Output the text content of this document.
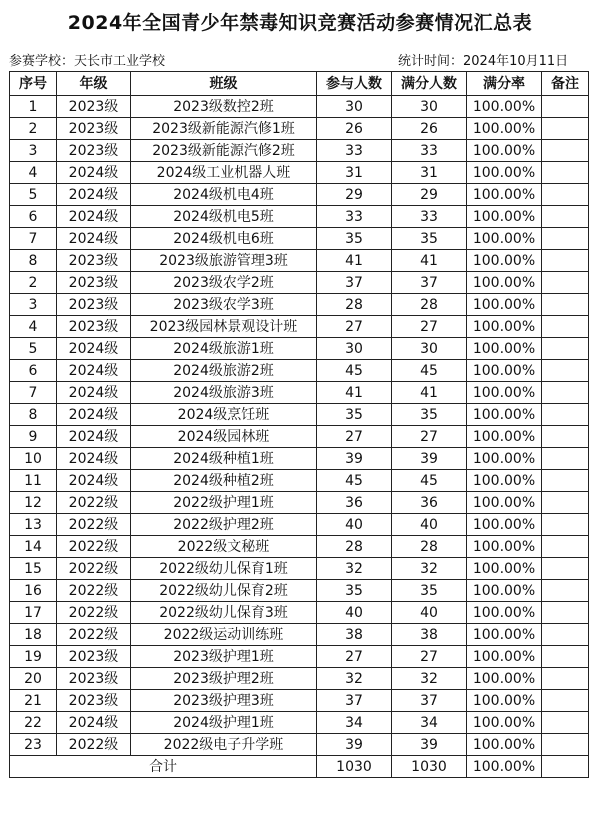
2024年全国青少年禁毒知识竞赛活动参赛情况汇总表
参赛学校：天长市工业学校	统计时间：2024年10月11日
序号	年级	班级	参与人数	满分人数	满分率	备注
1	2023级	2023级数控2班	30	30	100.00%	
2	2023级	2023级新能源汽修1班	26	26	100.00%	
3	2023级	2023级新能源汽修2班	33	33	100.00%	
4	2024级	2024级工业机器人班	31	31	100.00%	
5	2024级	2024级机电4班	29	29	100.00%	
6	2024级	2024级机电5班	33	33	100.00%	
7	2024级	2024级机电6班	35	35	100.00%	
8	2023级	2023级旅游管理3班	41	41	100.00%	
2	2023级	2023级农学2班	37	37	100.00%	
3	2023级	2023级农学3班	28	28	100.00%	
4	2023级	2023级园林景观设计班	27	27	100.00%	
5	2024级	2024级旅游1班	30	30	100.00%	
6	2024级	2024级旅游2班	45	45	100.00%	
7	2024级	2024级旅游3班	41	41	100.00%	
8	2024级	2024级烹饪班	35	35	100.00%	
9	2024级	2024级园林班	27	27	100.00%	
10	2024级	2024级种植1班	39	39	100.00%	
11	2024级	2024级种植2班	45	45	100.00%	
12	2022级	2022级护理1班	36	36	100.00%	
13	2022级	2022级护理2班	40	40	100.00%	
14	2022级	2022级文秘班	28	28	100.00%	
15	2022级	2022级幼儿保育1班	32	32	100.00%	
16	2022级	2022级幼儿保育2班	35	35	100.00%	
17	2022级	2022级幼儿保育3班	40	40	100.00%	
18	2022级	2022级运动训练班	38	38	100.00%	
19	2023级	2023级护理1班	27	27	100.00%	
20	2023级	2023级护理2班	32	32	100.00%	
21	2023级	2023级护理3班	37	37	100.00%	
22	2024级	2024级护理1班	34	34	100.00%	
23	2022级	2022级电子升学班	39	39	100.00%	
合计			1030	1030	100.00%	
